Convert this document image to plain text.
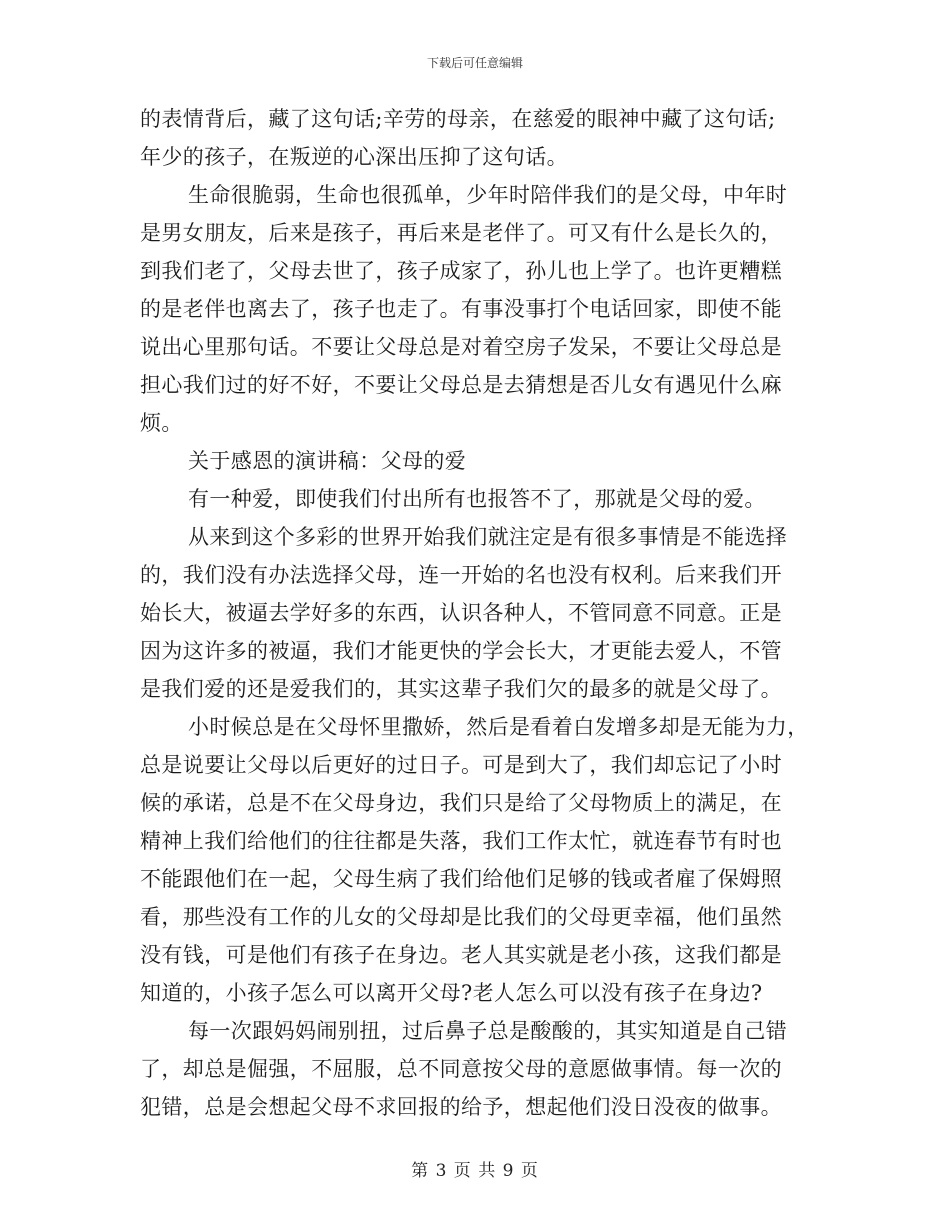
下载后可任意编辑
的表情背后，藏了这句话;辛劳的母亲，在慈爱的眼神中藏了这句话;
年少的孩子，在叛逆的心深出压抑了这句话。
生命很脆弱，生命也很孤单，少年时陪伴我们的是父母，中年时
是男女朋友，后来是孩子，再后来是老伴了。可又有什么是长久的，
到我们老了，父母去世了，孩子成家了，孙儿也上学了。也许更糟糕
的是老伴也离去了，孩子也走了。有事没事打个电话回家，即使不能
说出心里那句话。不要让父母总是对着空房子发呆，不要让父母总是
担心我们过的好不好，不要让父母总是去猜想是否儿女有遇见什么麻
烦。
关于感恩的演讲稿：父母的爱
有一种爱，即使我们付出所有也报答不了，那就是父母的爱。
从来到这个多彩的世界开始我们就注定是有很多事情是不能选择
的，我们没有办法选择父母，连一开始的名也没有权利。后来我们开
始长大，被逼去学好多的东西，认识各种人，不管同意不同意。正是
因为这许多的被逼，我们才能更快的学会长大，才更能去爱人，不管
是我们爱的还是爱我们的，其实这辈子我们欠的最多的就是父母了。
小时候总是在父母怀里撒娇，然后是看着白发增多却是无能为力，
总是说要让父母以后更好的过日子。可是到大了，我们却忘记了小时
候的承诺，总是不在父母身边，我们只是给了父母物质上的满足，在
精神上我们给他们的往往都是失落，我们工作太忙，就连春节有时也
不能跟他们在一起，父母生病了我们给他们足够的钱或者雇了保姆照
看，那些没有工作的儿女的父母却是比我们的父母更幸福，他们虽然
没有钱，可是他们有孩子在身边。老人其实就是老小孩，这我们都是
知道的，小孩子怎么可以离开父母?老人怎么可以没有孩子在身边?
每一次跟妈妈闹别扭，过后鼻子总是酸酸的，其实知道是自己错
了，却总是倔强，不屈服，总不同意按父母的意愿做事情。每一次的
犯错，总是会想起父母不求回报的给予，想起他们没日没夜的做事。
第 3 页 共 9 页
